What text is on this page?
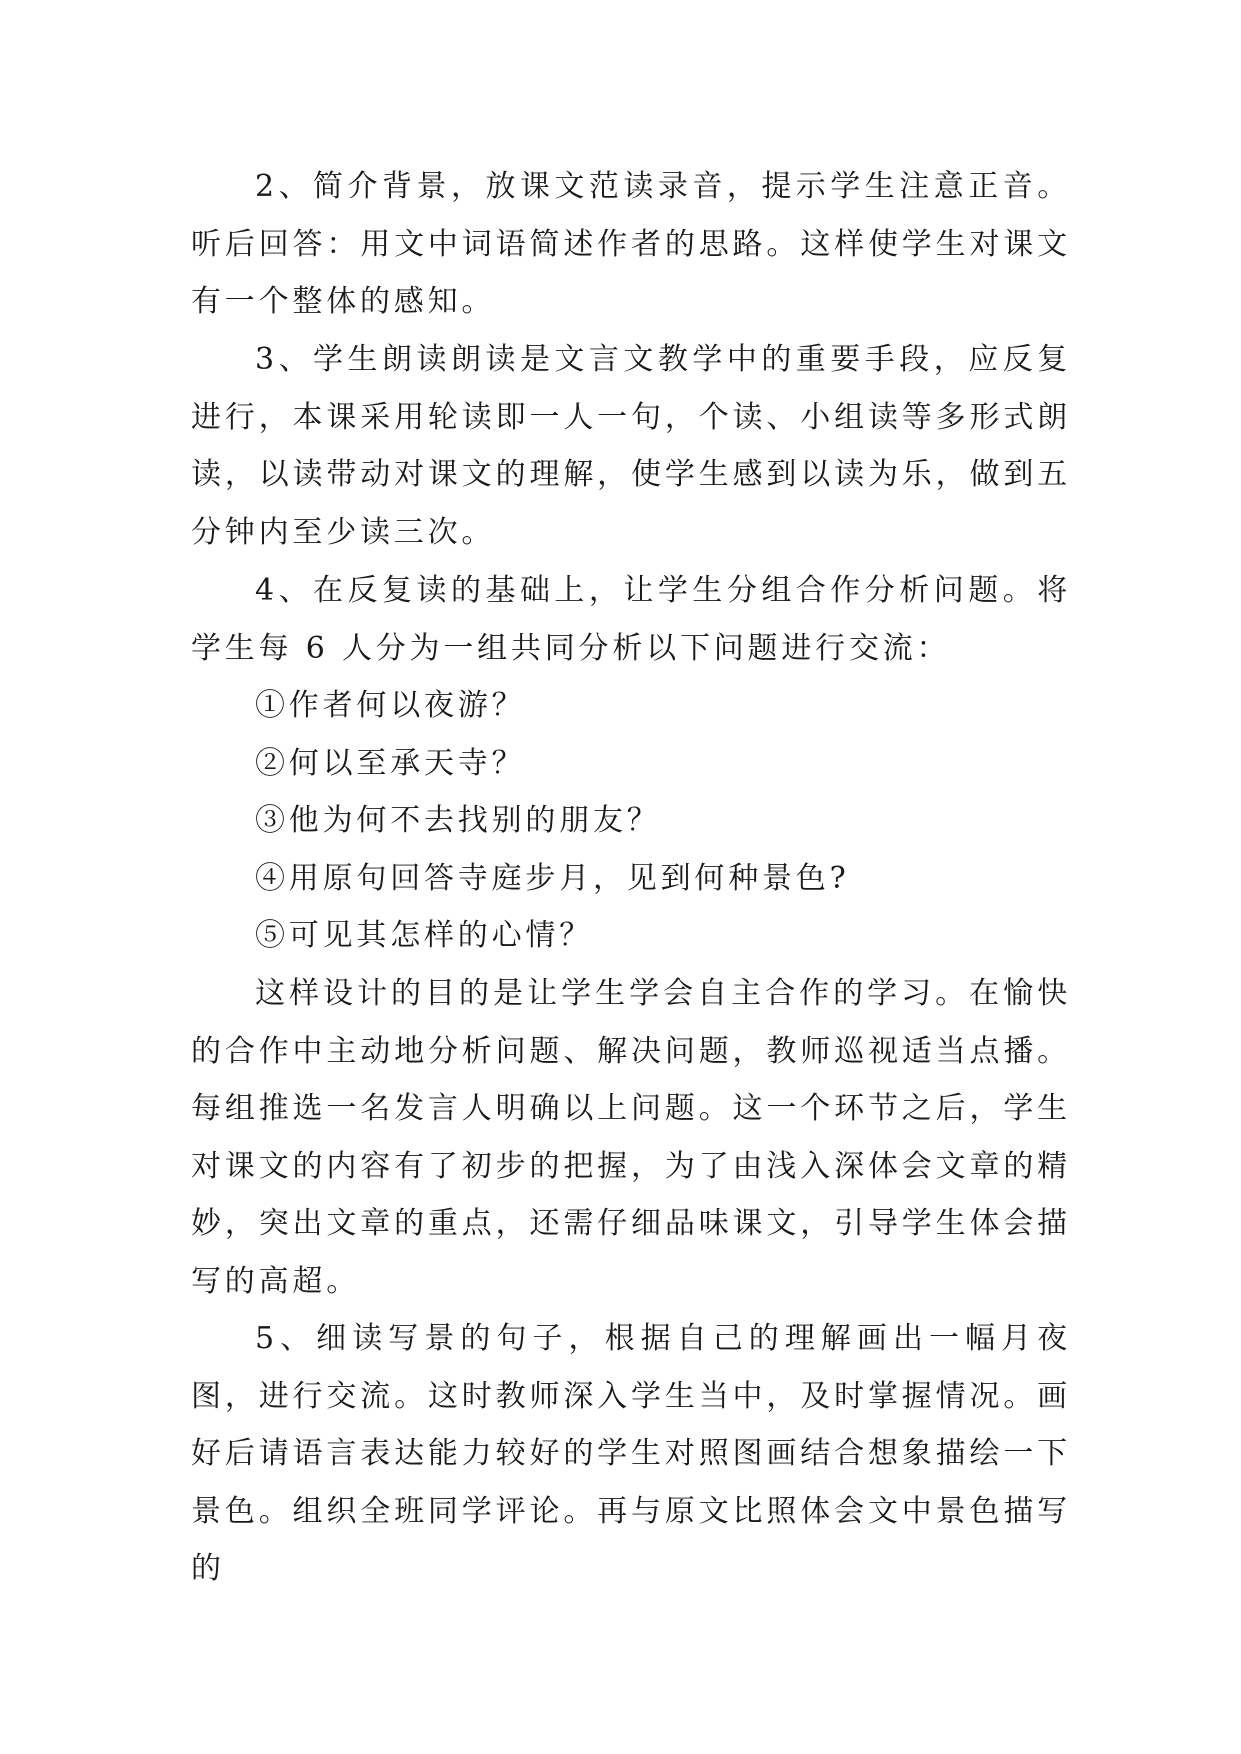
2、简介背景，放课文范读录音，提示学生注意正音。听后回答：用文中词语简述作者的思路。这样使学生对课文有一个整体的感知。

3、学生朗读朗读是文言文教学中的重要手段，应反复进行，本课采用轮读即一人一句，个读、小组读等多形式朗读，以读带动对课文的理解，使学生感到以读为乐，做到五分钟内至少读三次。

4、在反复读的基础上，让学生分组合作分析问题。将学生每 6 人分为一组共同分析以下问题进行交流：

①作者何以夜游？

②何以至承天寺？

③他为何不去找别的朋友？

④用原句回答寺庭步月，见到何种景色?

⑤可见其怎样的心情？

这样设计的目的是让学生学会自主合作的学习。在愉快的合作中主动地分析问题、解决问题，教师巡视适当点播。每组推选一名发言人明确以上问题。这一个环节之后，学生对课文的内容有了初步的把握，为了由浅入深体会文章的精妙，突出文章的重点，还需仔细品味课文，引导学生体会描写的高超。

5、细读写景的句子，根据自己的理解画出一幅月夜图，进行交流。这时教师深入学生当中，及时掌握情况。画好后请语言表达能力较好的学生对照图画结合想象描绘一下景色。组织全班同学评论。再与原文比照体会文中景色描写的
